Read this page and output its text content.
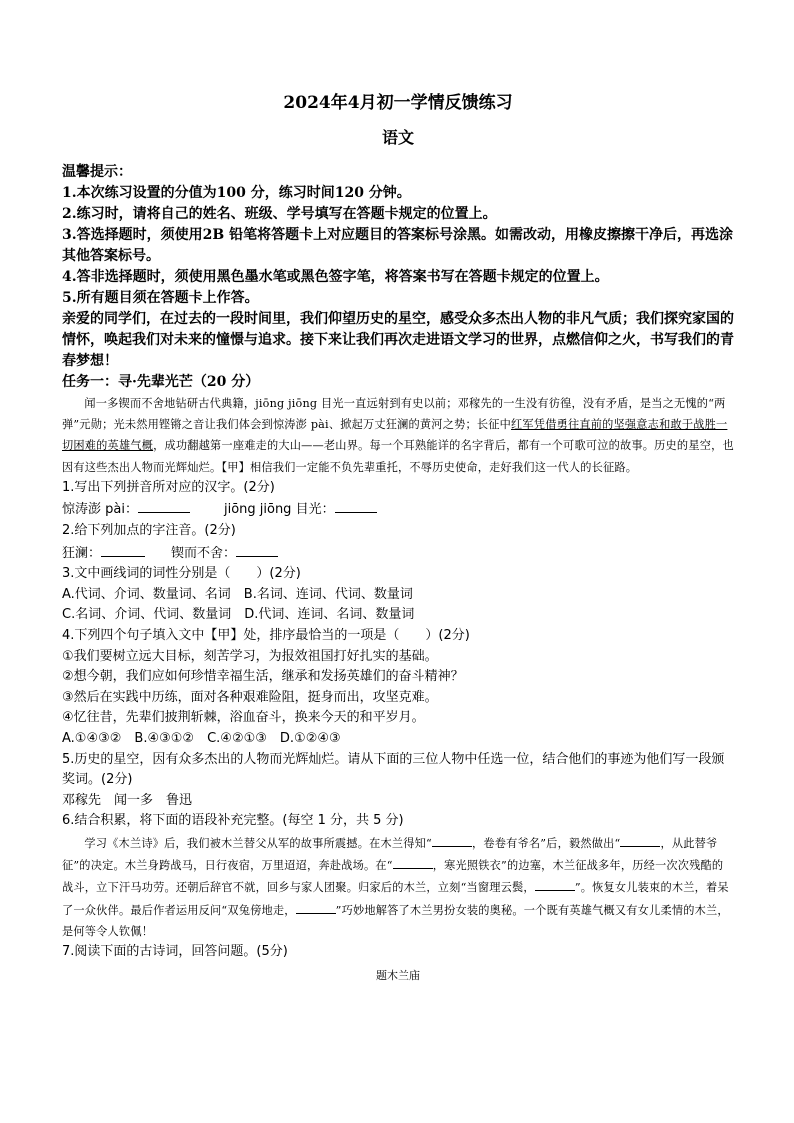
2024年4月初一学情反馈练习

语文

温馨提示：

1.本次练习设置的分值为100 分，练习时间120 分钟。

2.练习时，请将自己的姓名、班级、学号填写在答题卡规定的位置上。

3.答选择题时，须使用2B 铅笔将答题卡上对应题目的答案标号涂黑。如需改动，用橡皮擦擦干净后，再选涂其他答案标号。

4.答非选择题时，须使用黑色墨水笔或黑色签字笔，将答案书写在答题卡规定的位置上。

5.所有题目须在答题卡上作答。

亲爱的同学们，在过去的一段时间里，我们仰望历史的星空，感受众多杰出人物的非凡气质；我们探究家国的情怀，唤起我们对未来的憧憬与追求。接下来让我们再次走进语文学习的世界，点燃信仰之火，书写我们的青春梦想！

任务一：寻·先辈光芒（20 分）

闻一多锲而不舍地钻研古代典籍，jiōng jiōng 目光一直远射到有史以前；邓稼先的一生没有彷徨，没有矛盾，是当之无愧的“两弹”元勋；光未然用铿锵之音让我们体会到惊涛澎 pài、掀起万丈狂澜的黄河之势；长征中红军凭借勇往直前的坚强意志和敢于战胜一切困难的英雄气概，成功翻越第一座难走的大山——老山界。每一个耳熟能详的名字背后，都有一个可歌可泣的故事。历史的星空，也因有这些杰出人物而光辉灿烂。【甲】相信我们一定能不负先辈重托，不辱历史使命，走好我们这一代人的长征路。

1.写出下列拼音所对应的汉字。(2分)

惊涛澎 pài：	jiōng jiōng 目光：

2.给下列加点的字注音。(2分)

狂澜：	锲而不舍：

3.文中画线词的词性分别是（　　）(2分)

A.代词、介词、数量词、名词　B.名词、连词、代词、数量词

C.名词、介词、代词、数量词　D.代词、连词、名词、数量词

4.下列四个句子填入文中【甲】处，排序最恰当的一项是（　　）(2分)

①我们要树立远大目标，刻苦学习，为报效祖国打好扎实的基础。

②想今朝，我们应如何珍惜幸福生活，继承和发扬英雄们的奋斗精神？

③然后在实践中历练，面对各种艰难险阻，挺身而出，攻坚克难。

④忆往昔，先辈们披荆斩棘，浴血奋斗，换来今天的和平岁月。

A.①④③②　B.④③①②　C.④②①③　D.①②④③

5.历史的星空，因有众多杰出的人物而光辉灿烂。请从下面的三位人物中任选一位，结合他们的事迹为他们写一段颁奖词。(2分)

邓稼先　闻一多　鲁迅

6.结合积累，将下面的语段补充完整。(每空 1 分，共 5 分)

学习《木兰诗》后，我们被木兰替父从军的故事所震撼。在木兰得知“	，卷卷有爷名”后，毅然做出“	，从此替爷征”的决定。木兰身跨战马，日行夜宿，万里迢迢，奔赴战场。在“	，寒光照铁衣”的边塞，木兰征战多年，历经一次次残酷的战斗，立下汗马功劳。还朝后辞官不就，回乡与家人团聚。归家后的木兰，立刻“当窗理云鬓，	”。恢复女儿装束的木兰，着呆了一众伙伴。最后作者运用反问“双兔傍地走，	”巧妙地解答了木兰男扮女装的奥秘。一个既有英雄气概又有女儿柔情的木兰，是何等令人钦佩！

7.阅读下面的古诗词，回答问题。(5分)

题木兰庙
